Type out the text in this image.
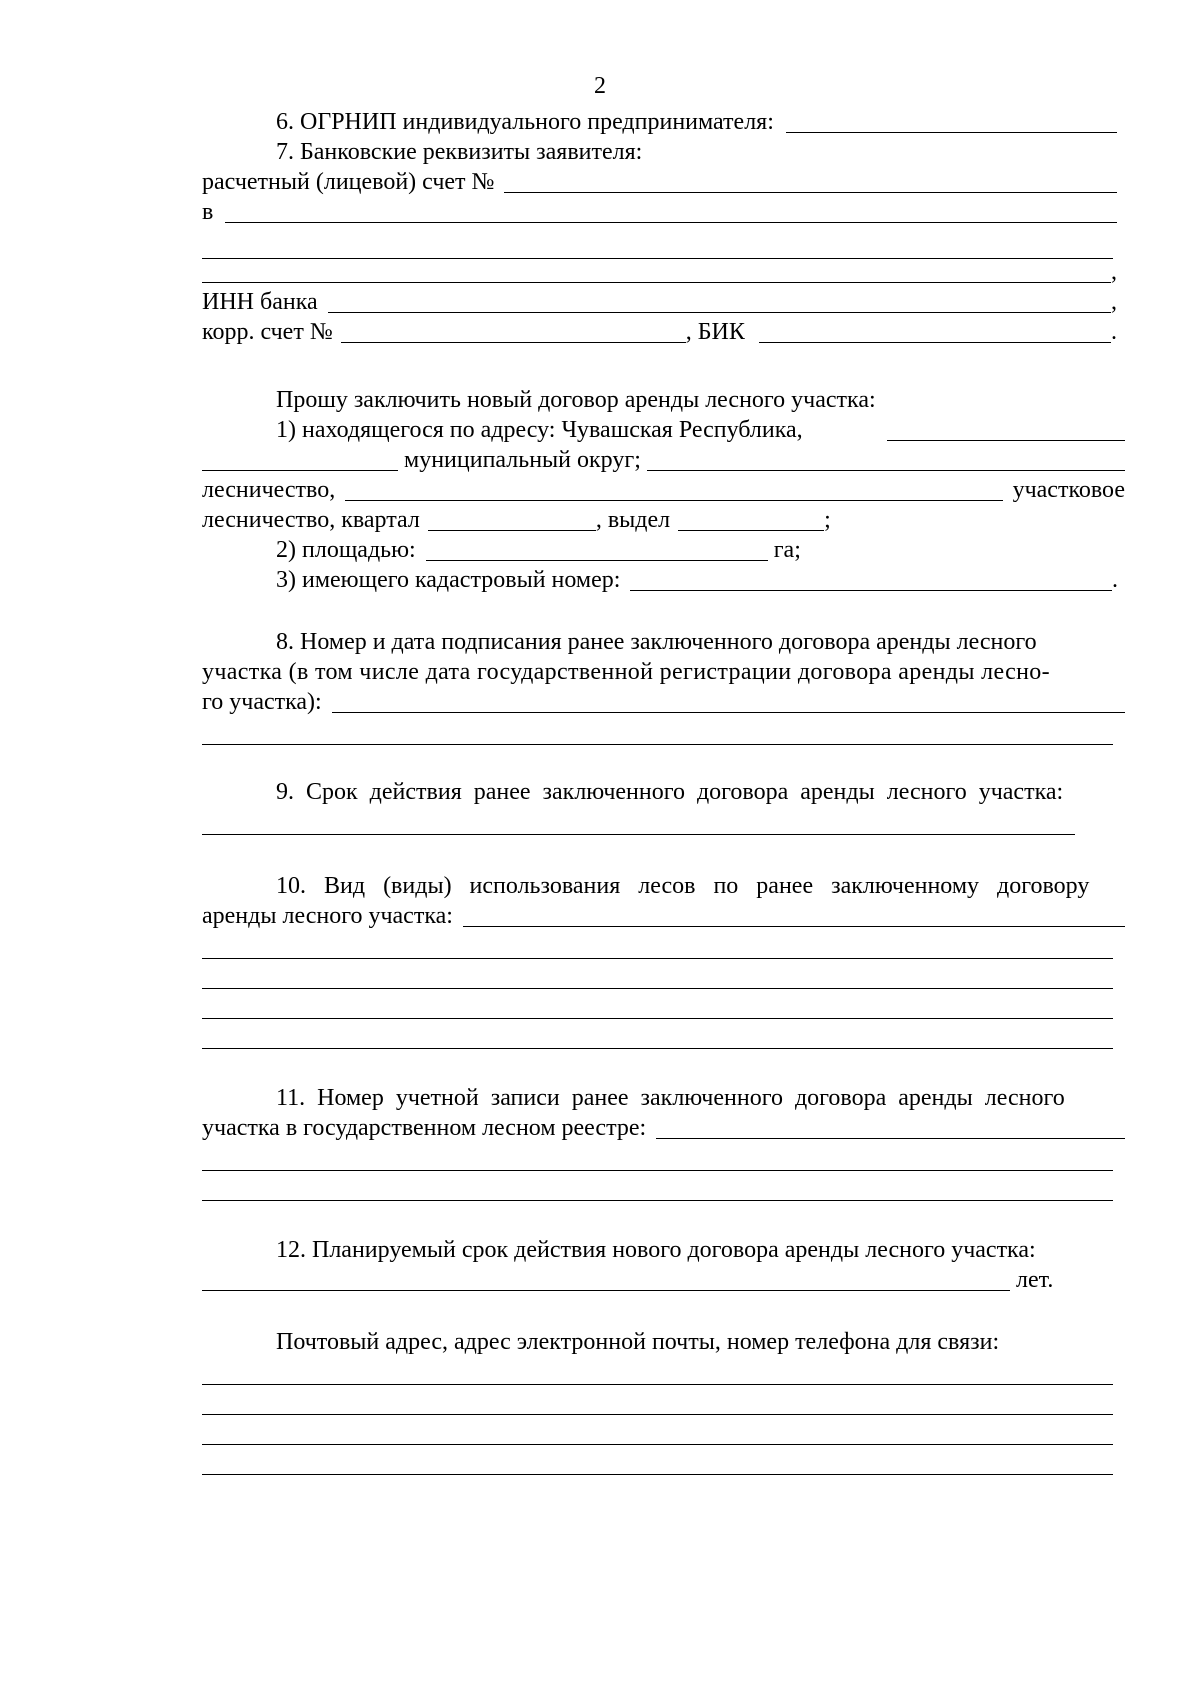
2
6. ОГРНИП индивидуального предпринимателя:
7. Банковские реквизиты заявителя:
расчетный (лицевой) счет №
в
,
ИНН банка	,
корр. счет №	, БИК	.
Прошу заключить новый договор аренды лесного участка:
1) находящегося по адресу: Чувашская Республика,
муниципальный округ;
лесничество,	участковое
лесничество, квартал	, выдел	;
2) площадью:	га;
3) имеющего кадастровый номер:	.
8. Номер и дата подписания ранее заключенного договора аренды лесного
участка (в том числе дата государственной регистрации договора аренды лесно-
го участка):
9. Срок действия ранее заключенного договора аренды лесного участка:
10. Вид (виды) использования лесов по ранее заключенному договору
аренды лесного участка:
11. Номер учетной записи ранее заключенного договора аренды лесного
участка в государственном лесном реестре:
12. Планируемый срок действия нового договора аренды лесного участка:
лет.
Почтовый адрес, адрес электронной почты, номер телефона для связи:
